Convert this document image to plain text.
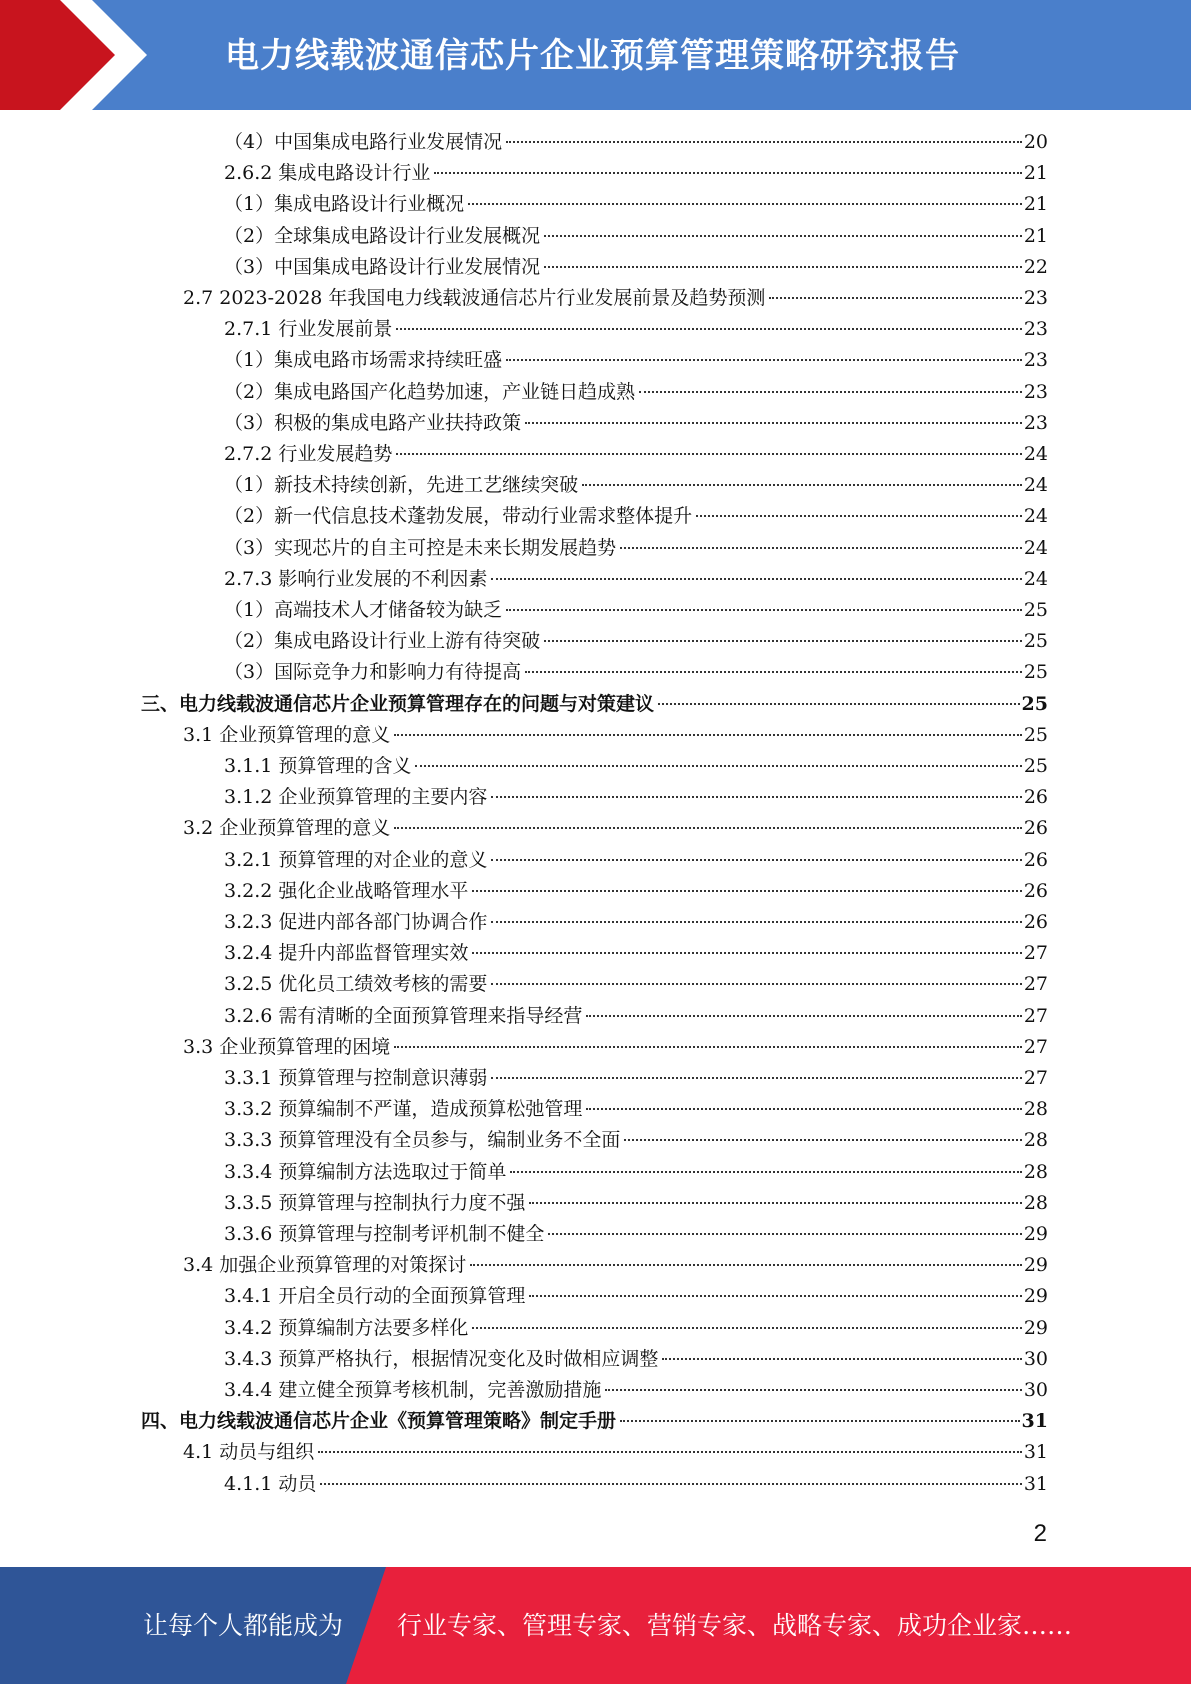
电力线载波通信芯片企业预算管理策略研究报告
（4）中国集成电路行业发展情况	20
2.6.2 集成电路设计行业	21
（1）集成电路设计行业概况	21
（2）全球集成电路设计行业发展概况	21
（3）中国集成电路设计行业发展情况	22
2.7 2023-2028 年我国电力线载波通信芯片行业发展前景及趋势预测	23
2.7.1 行业发展前景	23
（1）集成电路市场需求持续旺盛	23
（2）集成电路国产化趋势加速，产业链日趋成熟	23
（3）积极的集成电路产业扶持政策	23
2.7.2 行业发展趋势	24
（1）新技术持续创新，先进工艺继续突破	24
（2）新一代信息技术蓬勃发展，带动行业需求整体提升	24
（3）实现芯片的自主可控是未来长期发展趋势	24
2.7.3 影响行业发展的不利因素	24
（1）高端技术人才储备较为缺乏	25
（2）集成电路设计行业上游有待突破	25
（3）国际竞争力和影响力有待提高	25
三、电力线载波通信芯片企业预算管理存在的问题与对策建议	25
3.1 企业预算管理的意义	25
3.1.1 预算管理的含义	25
3.1.2 企业预算管理的主要内容	26
3.2 企业预算管理的意义	26
3.2.1 预算管理的对企业的意义	26
3.2.2 强化企业战略管理水平	26
3.2.3 促进内部各部门协调合作	26
3.2.4 提升内部监督管理实效	27
3.2.5 优化员工绩效考核的需要	27
3.2.6 需有清晰的全面预算管理来指导经营	27
3.3 企业预算管理的困境	27
3.3.1 预算管理与控制意识薄弱	27
3.3.2 预算编制不严谨，造成预算松弛管理	28
3.3.3 预算管理没有全员参与，编制业务不全面	28
3.3.4 预算编制方法选取过于简单	28
3.3.5 预算管理与控制执行力度不强	28
3.3.6 预算管理与控制考评机制不健全	29
3.4 加强企业预算管理的对策探讨	29
3.4.1 开启全员行动的全面预算管理	29
3.4.2 预算编制方法要多样化	29
3.4.3 预算严格执行，根据情况变化及时做相应调整	30
3.4.4 建立健全预算考核机制，完善激励措施	30
四、电力线载波通信芯片企业《预算管理策略》制定手册	31
4.1 动员与组织	31
4.1.1 动员	31
2
让每个人都能成为 行业专家、管理专家、营销专家、战略专家、成功企业家……
